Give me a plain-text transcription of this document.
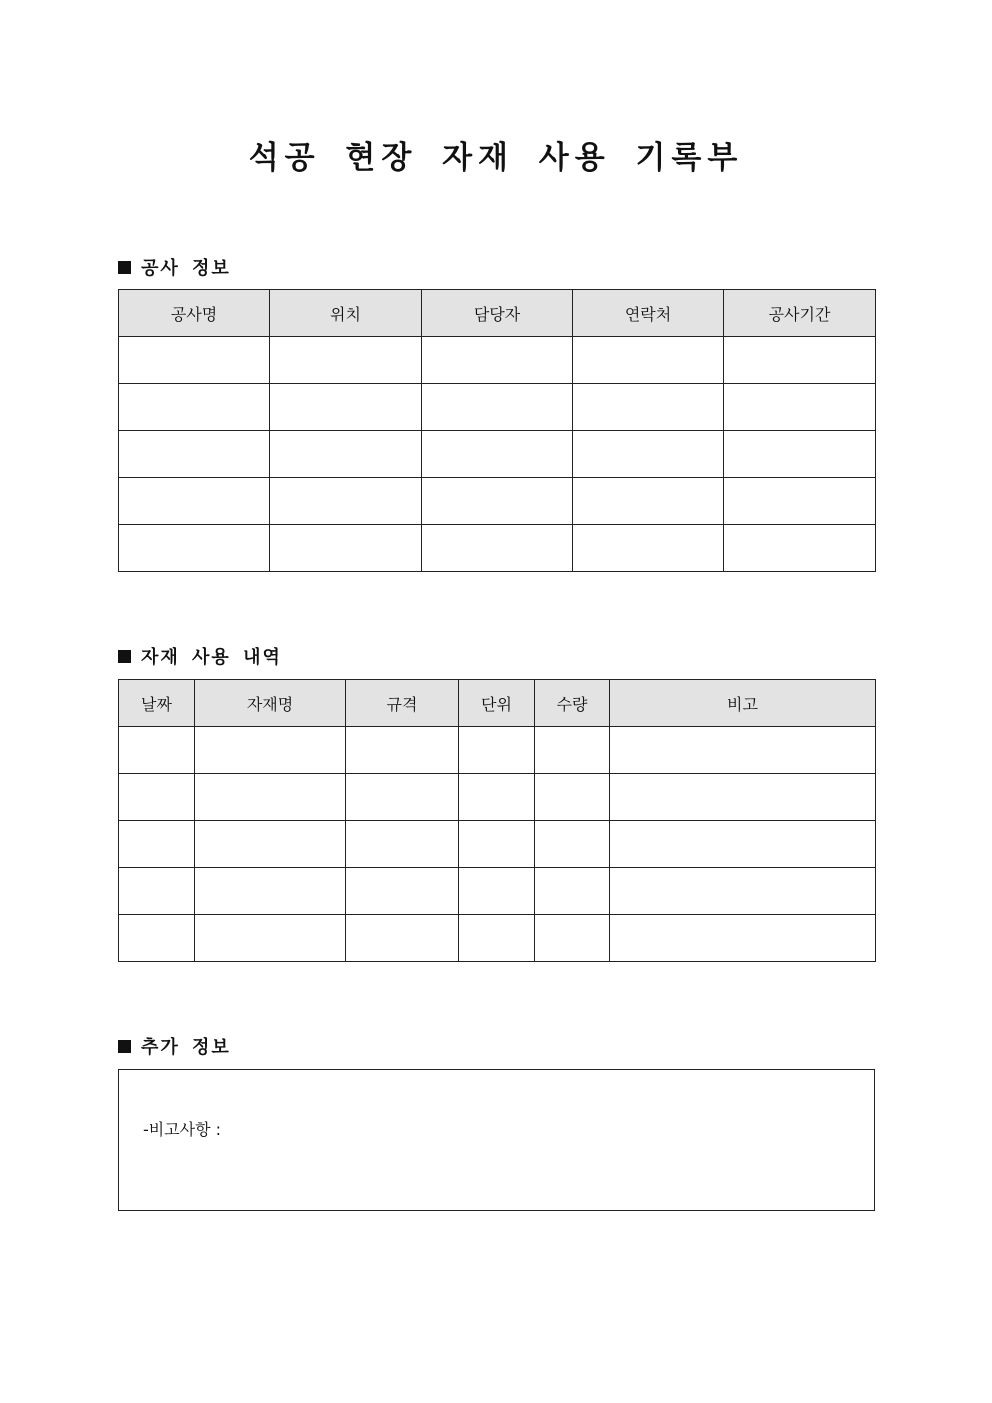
석공 현장 자재 사용 기록부
공사 정보
공사명	위치	담당자	연락처	공사기간

자재 사용 내역
날짜	자재명	규격	단위	수량	비고

추가 정보
-비고사항 :
